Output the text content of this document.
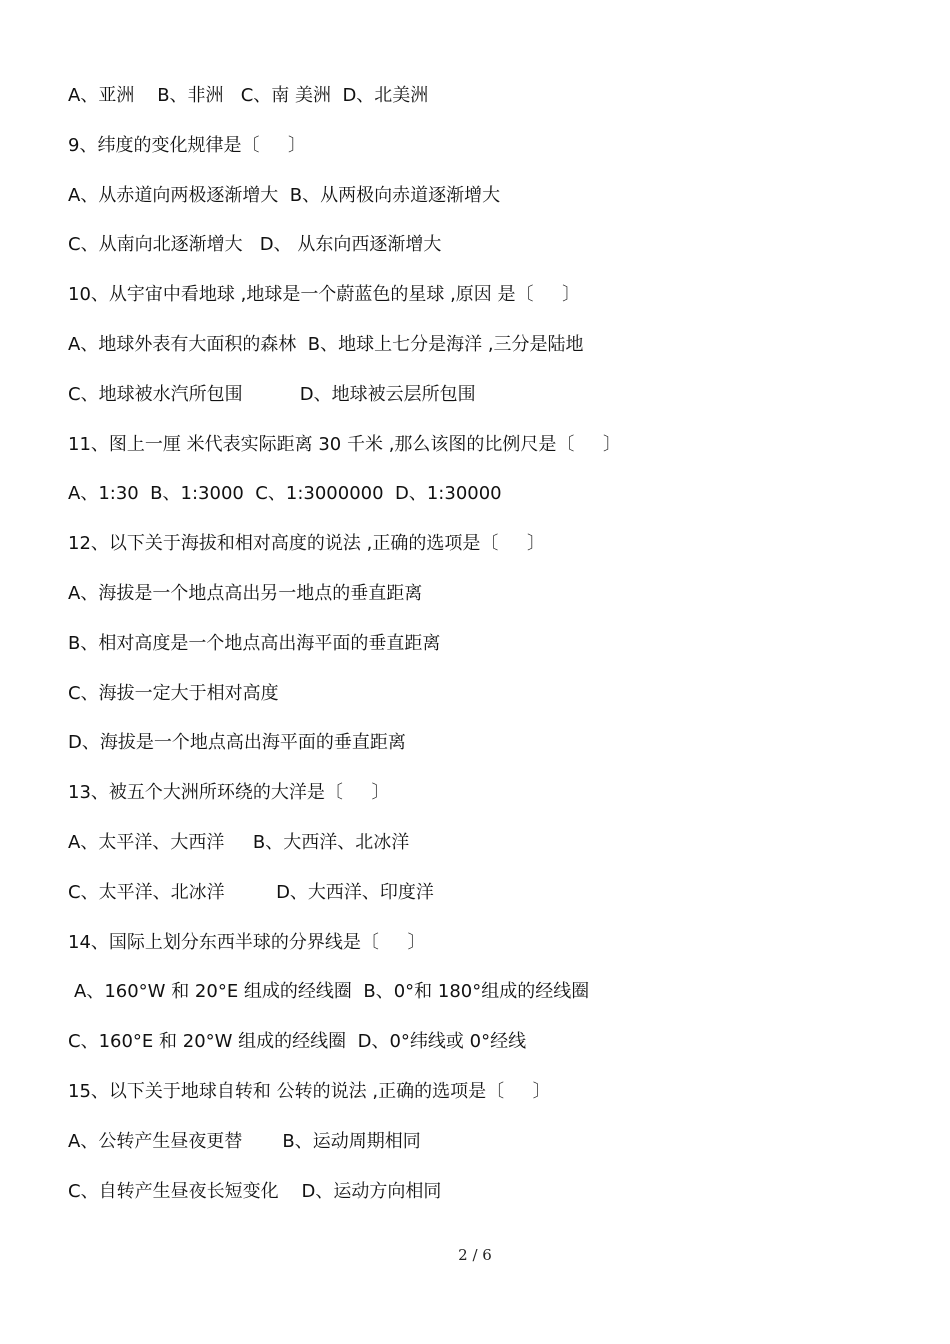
A、亚洲    B、非洲   C、南 美洲  D、北美洲
9、纬度的变化规律是〔     〕
A、从赤道向两极逐渐增大  B、从两极向赤道逐渐增大
C、从南向北逐渐增大   D、 从东向西逐渐增大
10、从宇宙中看地球 ,地球是一个蔚蓝色的星球 ,原因 是〔     〕
A、地球外表有大面积的森林  B、地球上七分是海洋 ,三分是陆地
C、地球被水汽所包围          D、地球被云层所包围
11、图上一厘 米代表实际距离 30 千米 ,那么该图的比例尺是〔     〕
A、1:30  B、1:3000  C、1:3000000  D、1:30000
12、以下关于海拔和相对高度的说法 ,正确的选项是〔     〕
A、海拔是一个地点高出另一地点的垂直距离
B、相对高度是一个地点高出海平面的垂直距离
C、海拔一定大于相对高度
D、海拔是一个地点高出海平面的垂直距离
13、被五个大洲所环绕的大洋是〔     〕
A、太平洋、大西洋     B、大西洋、北冰洋
C、太平洋、北冰洋         D、大西洋、印度洋
14、国际上划分东西半球的分界线是〔     〕
A、160°W 和 20°E 组成的经线圈  B、0°和 180°组成的经线圈
C、160°E 和 20°W 组成的经线圈  D、0°纬线或 0°经线
15、以下关于地球自转和 公转的说法 ,正确的选项是〔     〕
A、公转产生昼夜更替       B、运动周期相同
C、自转产生昼夜长短变化    D、运动方向相同
2 / 6
